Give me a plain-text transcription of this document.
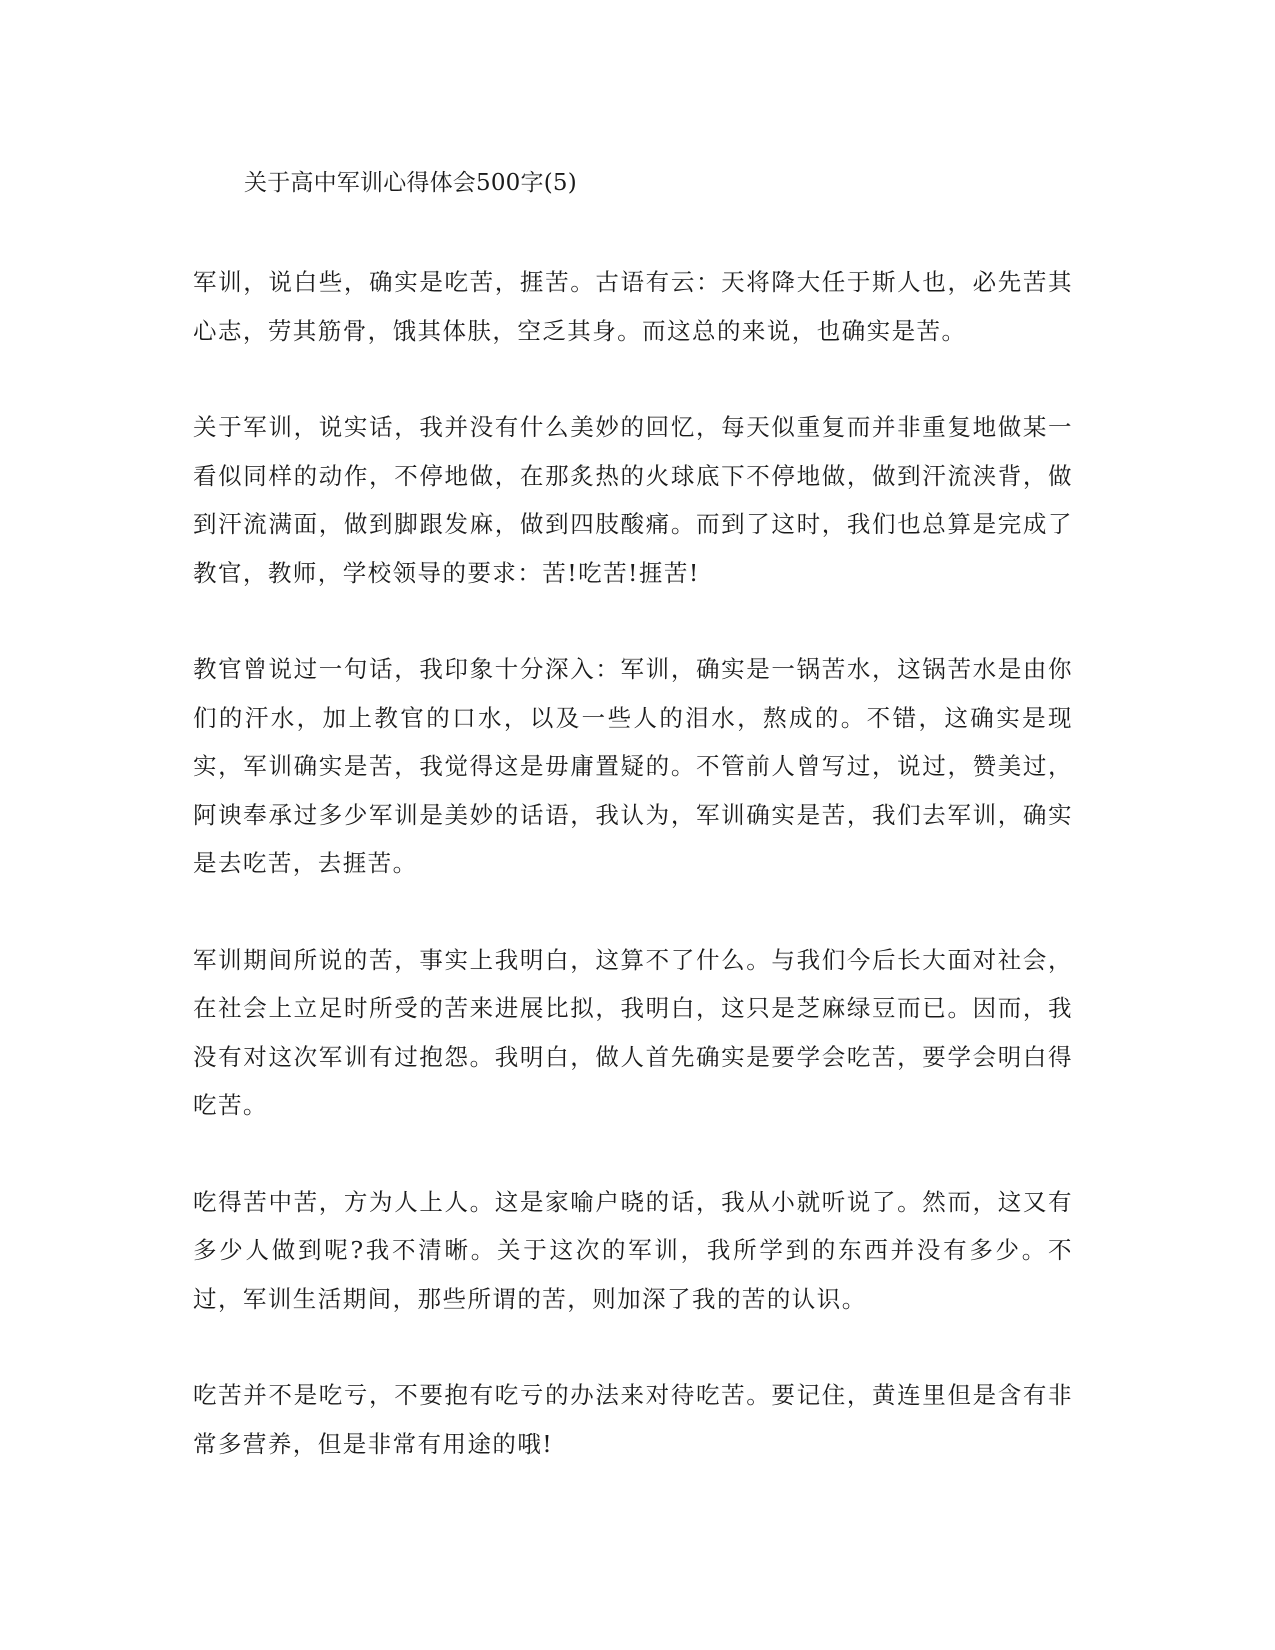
关于高中军训心得体会500字(5)

军训，说白些，确实是吃苦，捱苦。古语有云：天将降大任于斯人也，必先苦其心志，劳其筋骨，饿其体肤，空乏其身。而这总的来说，也确实是苦。

关于军训，说实话，我并没有什么美妙的回忆，每天似重复而并非重复地做某一看似同样的动作，不停地做，在那炙热的火球底下不停地做，做到汗流浃背，做到汗流满面，做到脚跟发麻，做到四肢酸痛。而到了这时，我们也总算是完成了教官，教师，学校领导的要求：苦!吃苦!捱苦!

教官曾说过一句话，我印象十分深入：军训，确实是一锅苦水，这锅苦水是由你们的汗水，加上教官的口水，以及一些人的泪水，熬成的。不错，这确实是现实，军训确实是苦，我觉得这是毋庸置疑的。不管前人曾写过，说过，赞美过，阿谀奉承过多少军训是美妙的话语，我认为，军训确实是苦，我们去军训，确实是去吃苦，去捱苦。

军训期间所说的苦，事实上我明白，这算不了什么。与我们今后长大面对社会，在社会上立足时所受的苦来进展比拟，我明白，这只是芝麻绿豆而已。因而，我没有对这次军训有过抱怨。我明白，做人首先确实是要学会吃苦，要学会明白得吃苦。

吃得苦中苦，方为人上人。这是家喻户晓的话，我从小就听说了。然而，这又有多少人做到呢?我不清晰。关于这次的军训，我所学到的东西并没有多少。不过，军训生活期间，那些所谓的苦，则加深了我的苦的认识。

吃苦并不是吃亏，不要抱有吃亏的办法来对待吃苦。要记住，黄连里但是含有非常多营养，但是非常有用途的哦!
